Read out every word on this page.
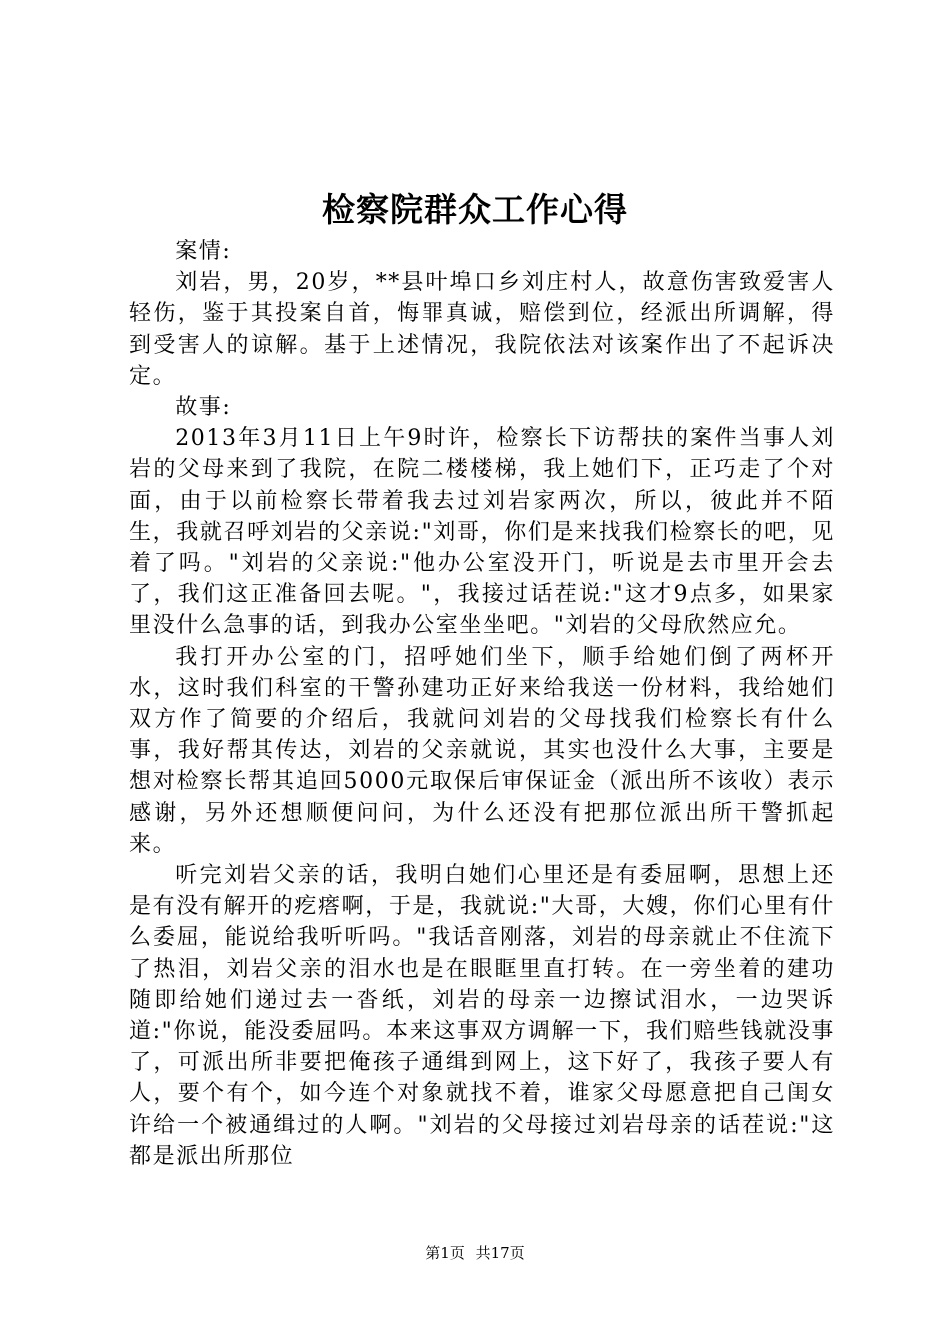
检察院群众工作心得

案情:

刘岩，男，20岁，**县叶埠口乡刘庄村人，故意伤害致爱害人轻伤，鉴于其投案自首，悔罪真诚，赔偿到位，经派出所调解，得到受害人的谅解。基于上述情况，我院依法对该案作出了不起诉决定。

故事:

2013年3月11日上午9时许，检察长下访帮扶的案件当事人刘岩的父母来到了我院，在院二楼楼梯，我上她们下，正巧走了个对面，由于以前检察长带着我去过刘岩家两次，所以，彼此并不陌生，我就召呼刘岩的父亲说:"刘哥，你们是来找我们检察长的吧，见着了吗。"刘岩的父亲说:"他办公室没开门，听说是去市里开会去了，我们这正准备回去呢。"，我接过话茬说:"这才9点多，如果家里没什么急事的话，到我办公室坐坐吧。"刘岩的父母欣然应允。

我打开办公室的门，招呼她们坐下，顺手给她们倒了两杯开水，这时我们科室的干警孙建功正好来给我送一份材料，我给她们双方作了简要的介绍后，我就问刘岩的父母找我们检察长有什么事，我好帮其传达，刘岩的父亲就说，其实也没什么大事，主要是想对检察长帮其追回5000元取保后审保证金（派出所不该收）表示感谢，另外还想顺便问问，为什么还没有把那位派出所干警抓起来。

听完刘岩父亲的话，我明白她们心里还是有委屈啊，思想上还是有没有解开的疙瘩啊，于是，我就说:"大哥，大嫂，你们心里有什么委屈，能说给我听听吗。"我话音刚落，刘岩的母亲就止不住流下了热泪，刘岩父亲的泪水也是在眼眶里直打转。在一旁坐着的建功随即给她们递过去一沓纸，刘岩的母亲一边擦试泪水，一边哭诉道:"你说，能没委屈吗。本来这事双方调解一下，我们赔些钱就没事了，可派出所非要把俺孩子通缉到网上，这下好了，我孩子要人有人，要个有个，如今连个对象就找不着，谁家父母愿意把自己闺女许给一个被通缉过的人啊。"刘岩的父母接过刘岩母亲的话茬说:"这都是派出所那位

第1页 共17页
